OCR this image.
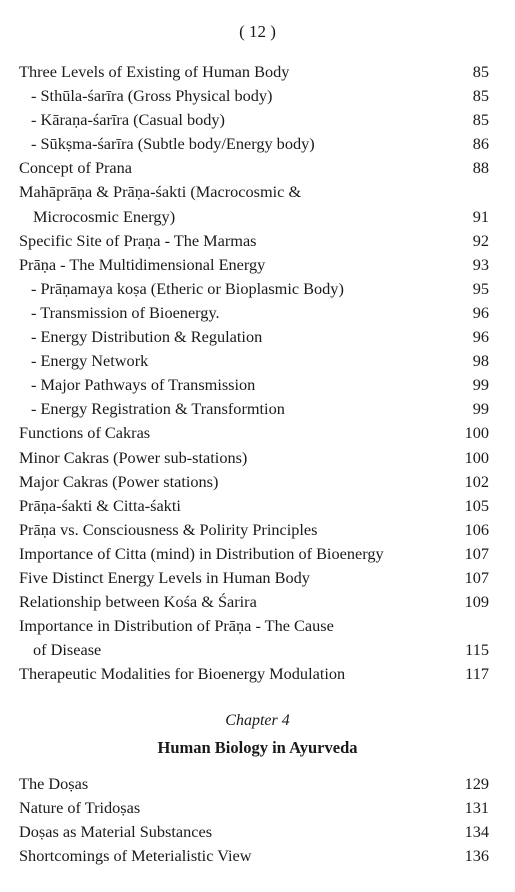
( 12 )
Three Levels of Existing of Human Body	85
- Sthūla-śarīra (Gross Physical body)	85
- Kāraṇa-śarīra (Casual body)	85
- Sūkṣma-śarīra (Subtle body/Energy body)	86
Concept of Prana	88
Mahāprāṇa & Prāṇa-śakti (Macrocosmic &
Microcosmic Energy)	91
Specific Site of Praṇa - The Marmas	92
Prāṇa - The Multidimensional Energy	93
- Prāṇamaya koṣa (Etheric or Bioplasmic Body)	95
- Transmission of Bioenergy.	96
- Energy Distribution & Regulation	96
- Energy Network	98
- Major Pathways of Transmission	99
- Energy Registration & Transformtion	99
Functions of Cakras	100
Minor Cakras (Power sub-stations)	100
Major Cakras (Power stations)	102
Prāṇa-śakti & Citta-śakti	105
Prāṇa vs. Consciousness & Polirity Principles	106
Importance of Citta (mind) in Distribution of Bioenergy	107
Five Distinct Energy Levels in Human Body	107
Relationship between Kośa & Śarira	109
Importance in Distribution of Prāṇa - The Cause
of Disease	115
Therapeutic Modalities for Bioenergy Modulation	117
Chapter 4
Human Biology in Ayurveda
The Doṣas	129
Nature of Tridoṣas	131
Doṣas as Material Substances	134
Shortcomings of Meterialistic View	136
